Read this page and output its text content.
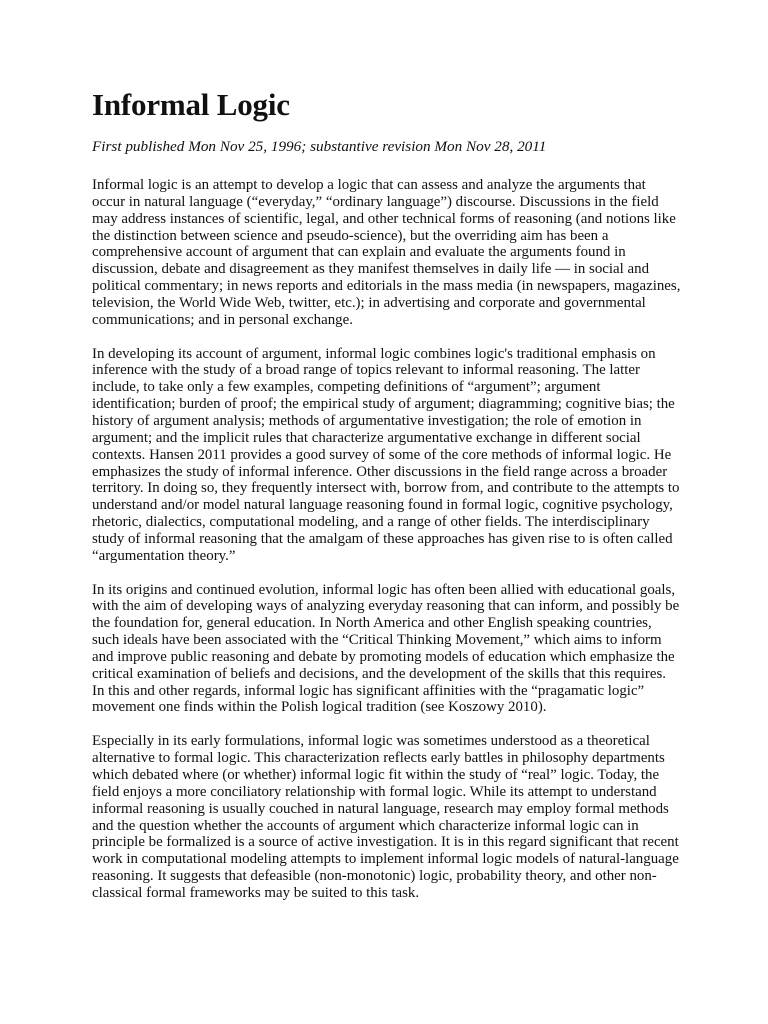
Informal Logic

First published Mon Nov 25, 1996; substantive revision Mon Nov 28, 2011

Informal logic is an attempt to develop a logic that can assess and analyze the arguments that occur in natural language (“everyday,” “ordinary language”) discourse. Discussions in the field may address instances of scientific, legal, and other technical forms of reasoning (and notions like the distinction between science and pseudo-science), but the overriding aim has been a comprehensive account of argument that can explain and evaluate the arguments found in discussion, debate and disagreement as they manifest themselves in daily life — in social and political commentary; in news reports and editorials in the mass media (in newspapers, magazines, television, the World Wide Web, twitter, etc.); in advertising and corporate and governmental communications; and in personal exchange.

In developing its account of argument, informal logic combines logic's traditional emphasis on inference with the study of a broad range of topics relevant to informal reasoning. The latter include, to take only a few examples, competing definitions of “argument”; argument identification; burden of proof; the empirical study of argument; diagramming; cognitive bias; the history of argument analysis; methods of argumentative investigation; the role of emotion in argument; and the implicit rules that characterize argumentative exchange in different social contexts. Hansen 2011 provides a good survey of some of the core methods of informal logic. He emphasizes the study of informal inference. Other discussions in the field range across a broader territory. In doing so, they frequently intersect with, borrow from, and contribute to the attempts to understand and/or model natural language reasoning found in formal logic, cognitive psychology, rhetoric, dialectics, computational modeling, and a range of other fields. The interdisciplinary study of informal reasoning that the amalgam of these approaches has given rise to is often called “argumentation theory.”

In its origins and continued evolution, informal logic has often been allied with educational goals, with the aim of developing ways of analyzing everyday reasoning that can inform, and possibly be the foundation for, general education. In North America and other English speaking countries, such ideals have been associated with the “Critical Thinking Movement,” which aims to inform and improve public reasoning and debate by promoting models of education which emphasize the critical examination of beliefs and decisions, and the development of the skills that this requires. In this and other regards, informal logic has significant affinities with the “pragamatic logic” movement one finds within the Polish logical tradition (see Koszowy 2010).

Especially in its early formulations, informal logic was sometimes understood as a theoretical alternative to formal logic. This characterization reflects early battles in philosophy departments which debated where (or whether) informal logic fit within the study of “real” logic. Today, the field enjoys a more conciliatory relationship with formal logic. While its attempt to understand informal reasoning is usually couched in natural language, research may employ formal methods and the question whether the accounts of argument which characterize informal logic can in principle be formalized is a source of active investigation. It is in this regard significant that recent work in computational modeling attempts to implement informal logic models of natural-language reasoning. It suggests that defeasible (non-monotonic) logic, probability theory, and other non-classical formal frameworks may be suited to this task.
